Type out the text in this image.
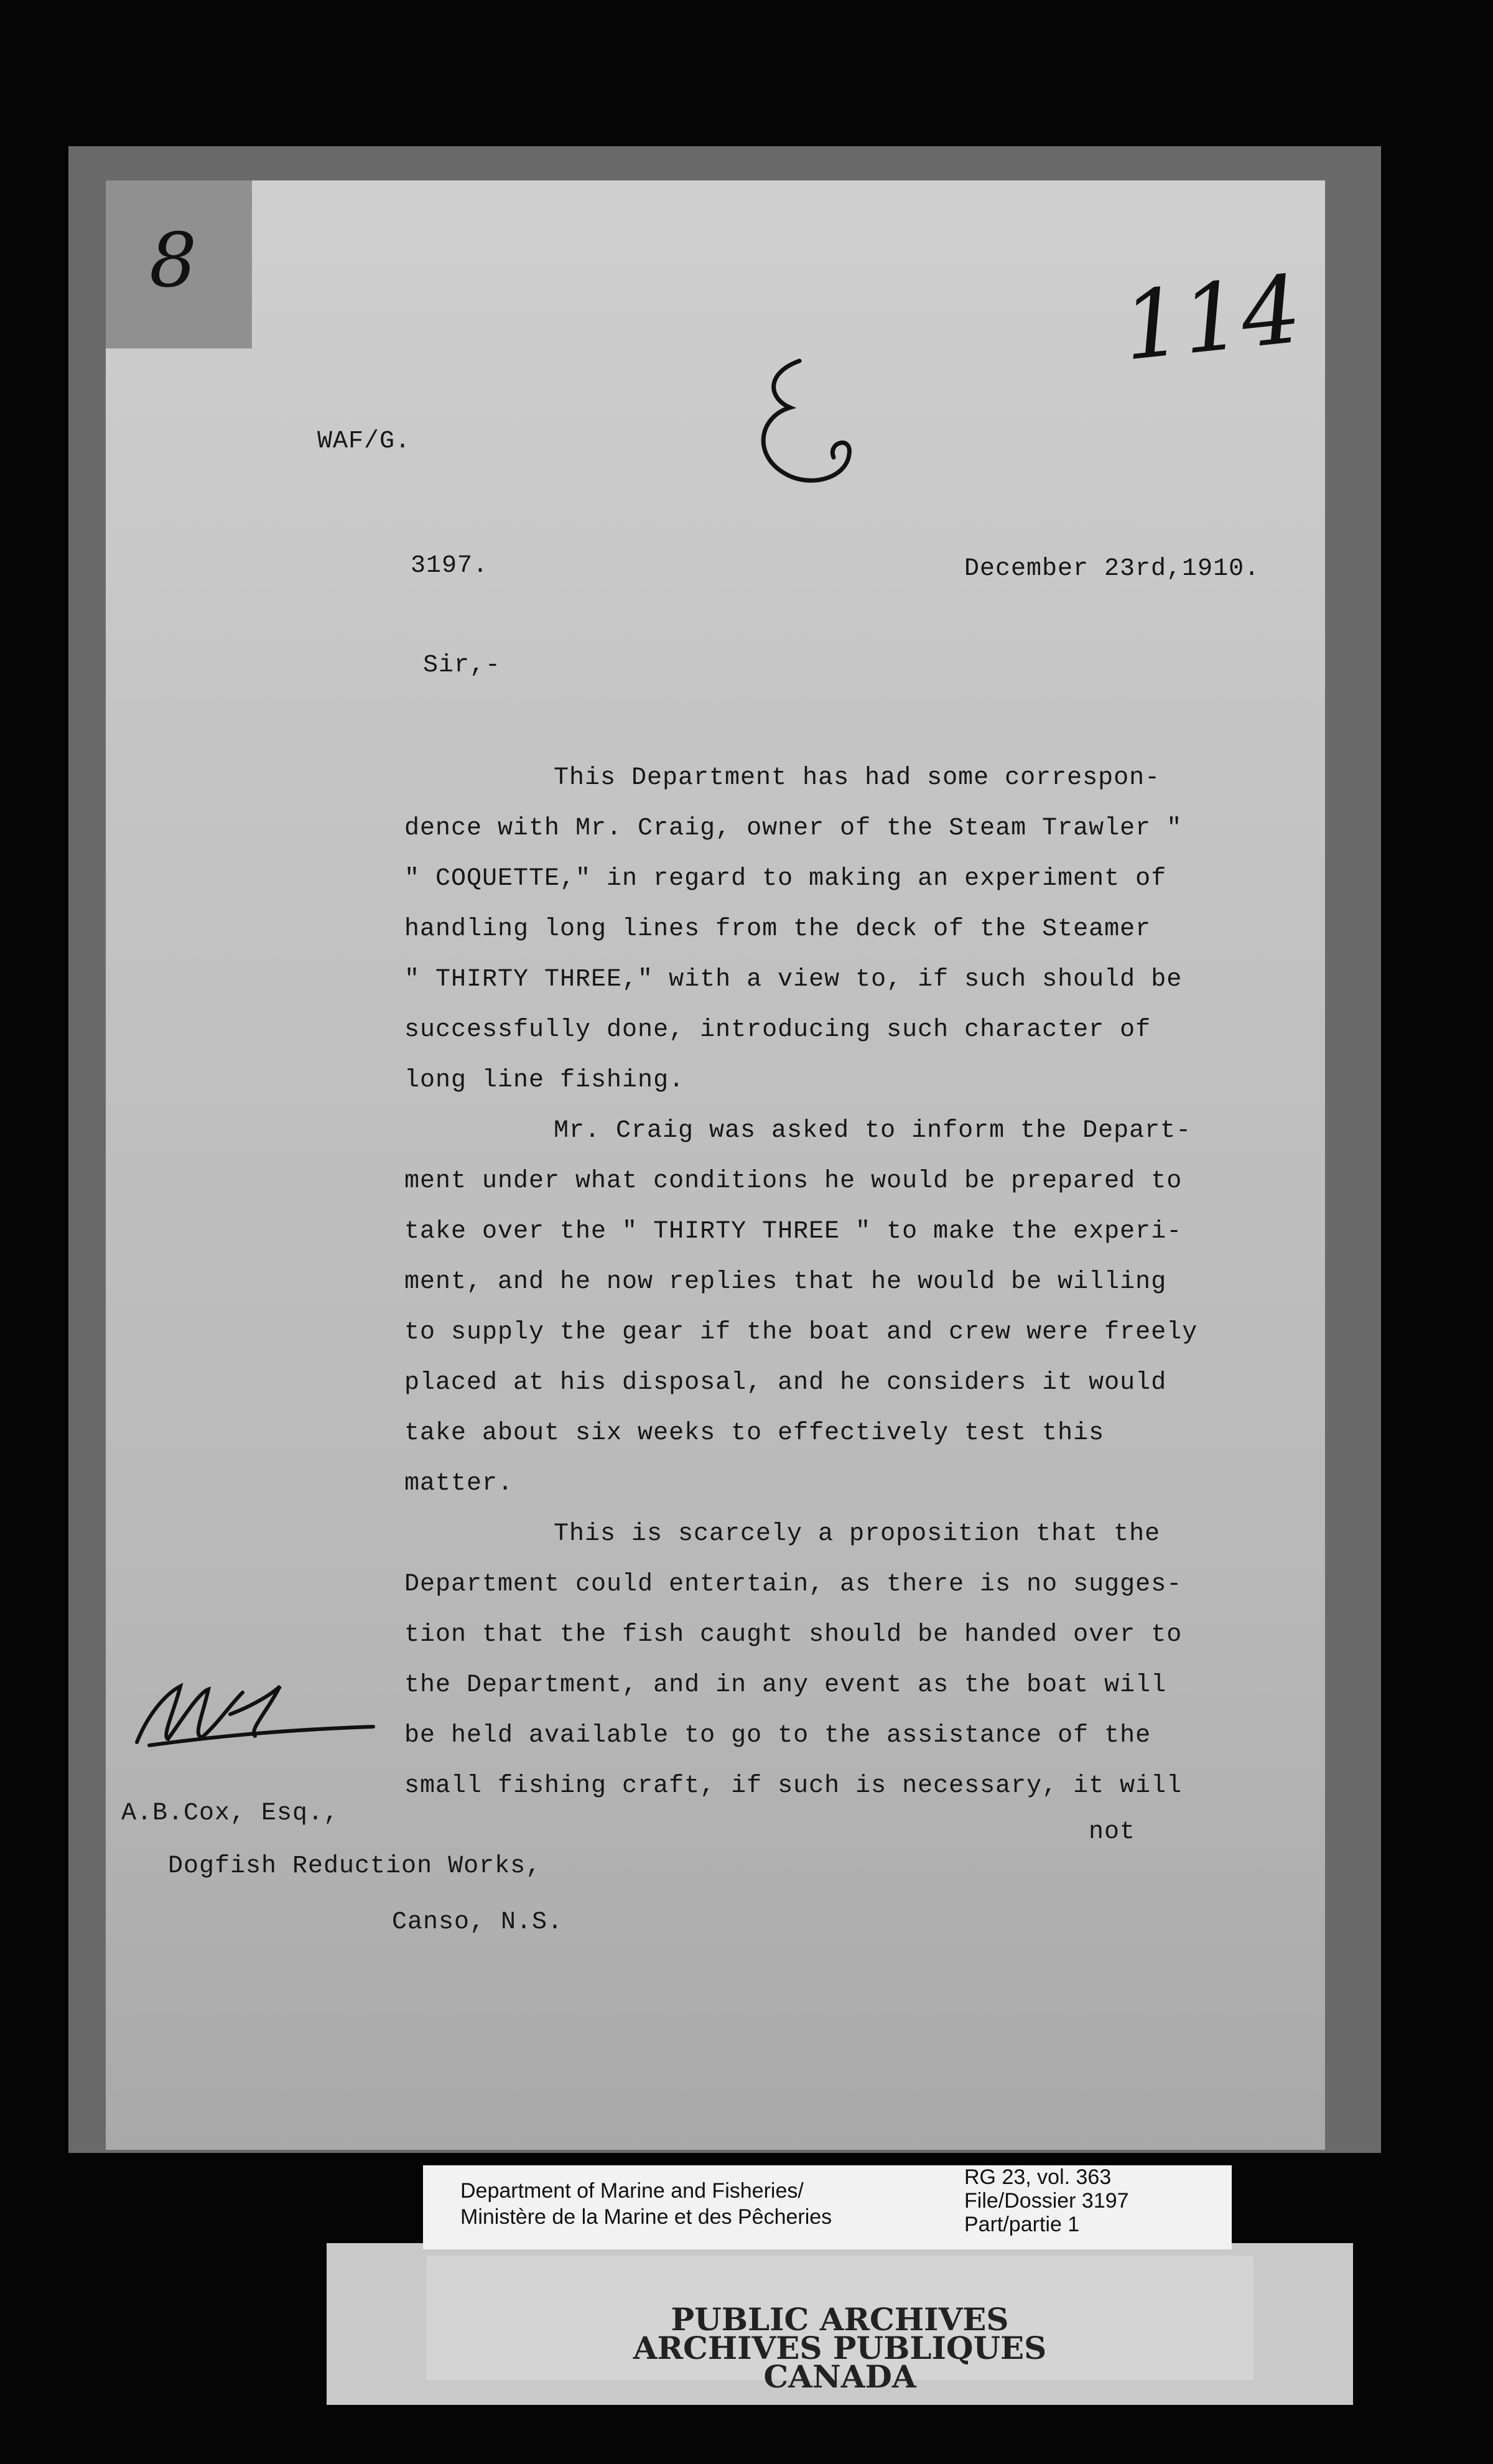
8	114
WAF/G.
3197.	December 23rd,1910.
Sir,-

This Department has had some correspon-
dence with Mr. Craig, owner of the Steam Trawler "
" COQUETTE," in regard to making an experiment of
handling long lines from the deck of the Steamer
" THIRTY THREE," with a view to, if such should be
successfully done, introducing such character of
long line fishing.

Mr. Craig was asked to inform the Depart-
ment under what conditions he would be prepared to
take over the " THIRTY THREE " to make the experi-
ment, and he now replies that he would be willing
to supply the gear if the boat and crew were freely
placed at his disposal, and he considers it would
take about six weeks to effectively test this
matter.

This is scarcely a proposition that the
Department could entertain, as there is no sugges-
tion that the fish caught should be handed over to
the Department, and in any event as the boat will
be held available to go to the assistance of the
small fishing craft, if such is necessary, it will

A.B.Cox, Esq.,
Dogfish Reduction Works,
Canso, N.S.
not
PUBLIC ARCHIVES
ARCHIVES PUBLIQUES
CANADA
Department of Marine and Fisheries/
Ministère de la Marine et des Pêcheries
RG 23, vol. 363
File/Dossier 3197
Part/partie 1
